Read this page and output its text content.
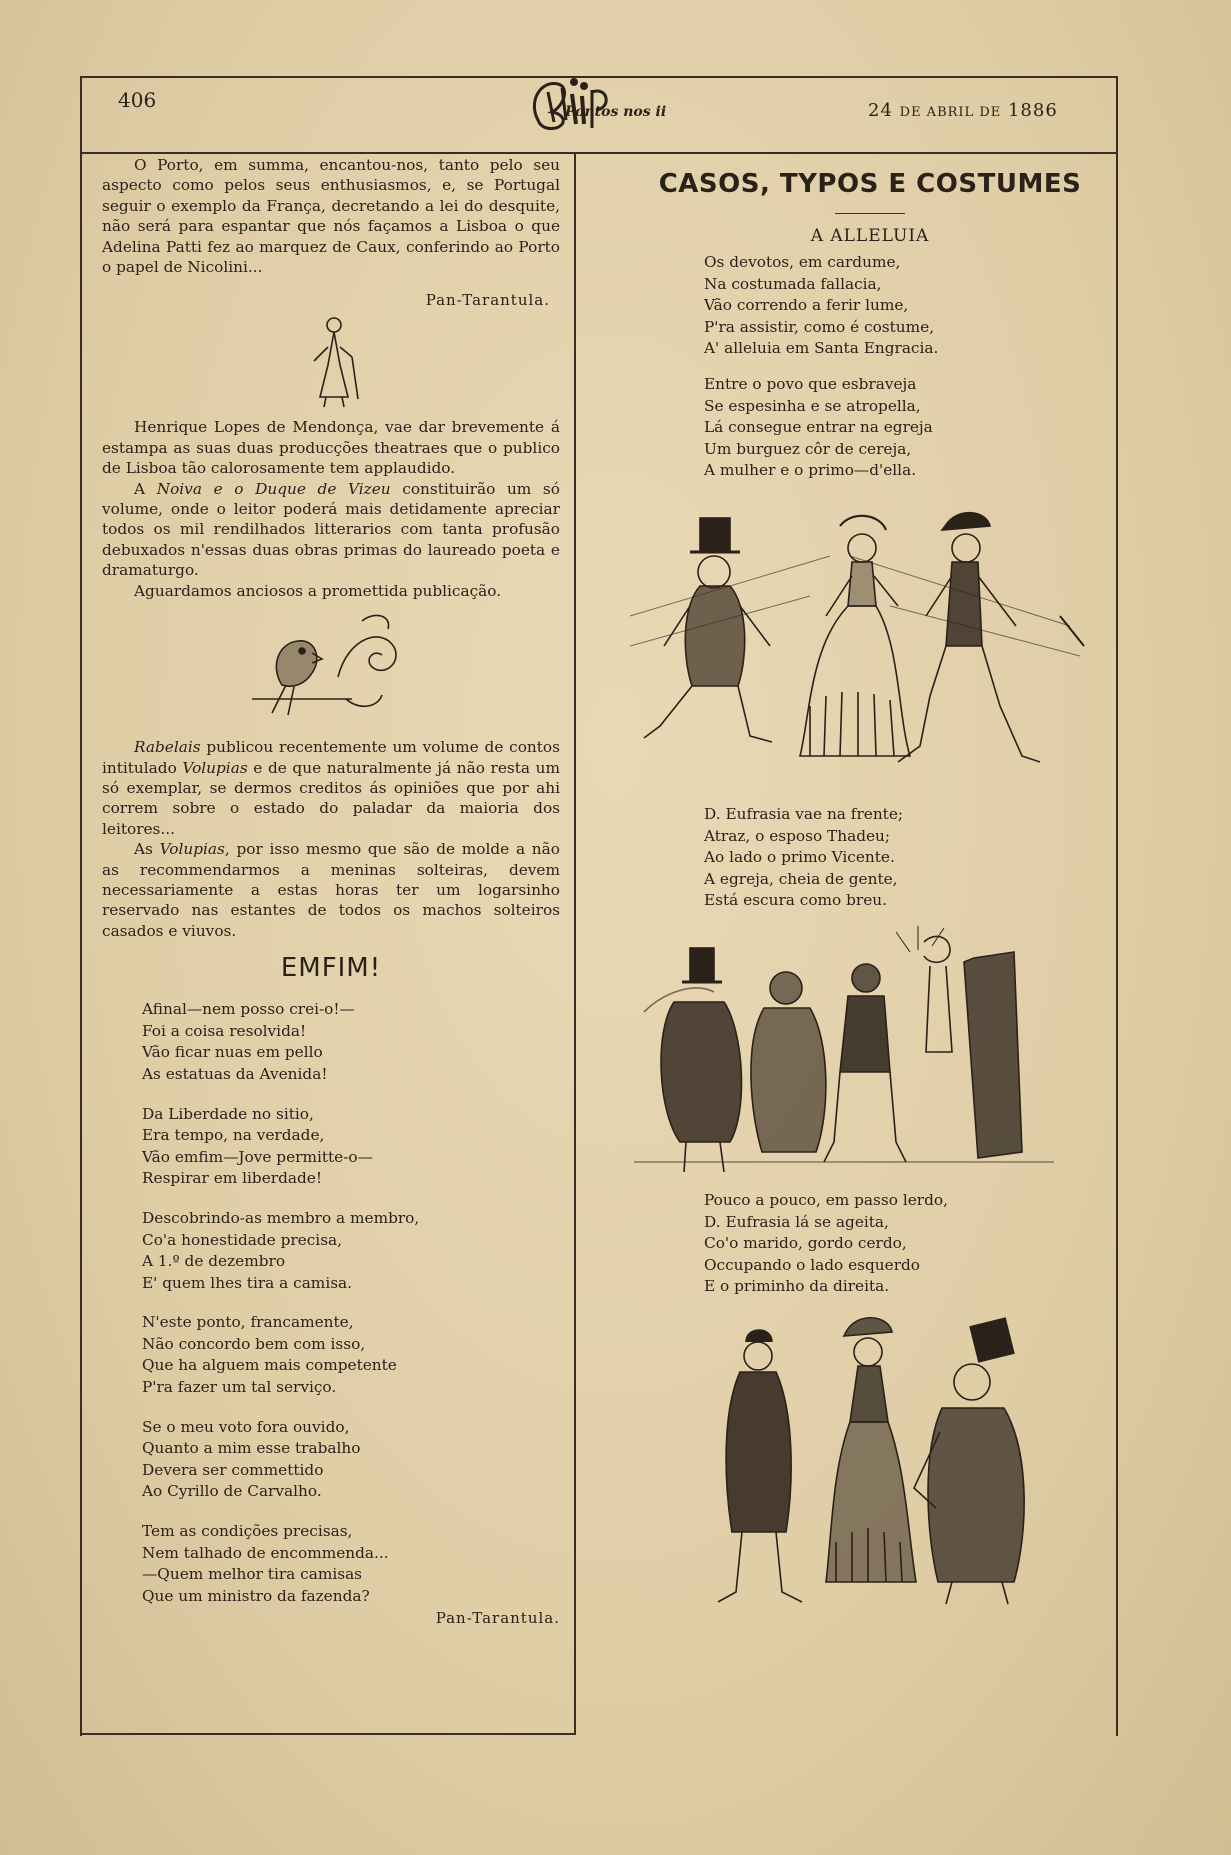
406	Pontos nos ii	24 DE ABRIL DE 1886

O Porto, em summa, encantou-nos, tanto pelo seu aspecto como pelos seus enthusiasmos, e, se Portugal seguir o exemplo da França, decretando a lei do desquite, não será para espantar que nós façamos a Lisboa o que Adelina Patti fez ao marquez de Caux, conferindo ao Porto o papel de Nicolini...

Pan-Tarantula.

Henrique Lopes de Mendonça, vae dar brevemente á estampa as suas duas producções theatraes que o publico de Lisboa tão calorosamente tem applaudido.

A Noiva e o Duque de Vizeu constituirão um só volume, onde o leitor poderá mais detidamente apreciar todos os mil rendilhados litterarios com tanta profusão debuxados n'essas duas obras primas do laureado poeta e dramaturgo.

Aguardamos anciosos a promettida publicação.

Rabelais publicou recentemente um volume de contos intitulado Volupias e de que naturalmente já não resta um só exemplar, se dermos creditos ás opiniões que por ahi correm sobre o estado do paladar da maioria dos leitores...

As Volupias, por isso mesmo que são de molde a não as recommendarmos a meninas solteiras, devem necessariamente a estas horas ter um logarsinho reservado nas estantes de todos os machos solteiros casados e viuvos.

EMFIM!

Afinal—nem posso crei-o!—

Foi a coisa resolvida!

Vão ficar nuas em pello

As estatuas da Avenida!

Da Liberdade no sitio,

Era tempo, na verdade,

Vão emfim—Jove permitte-o—

Respirar em liberdade!

Descobrindo-as membro a membro,

Co'a honestidade precisa,

A 1.º de dezembro

E' quem lhes tira a camisa.

N'este ponto, francamente,

Não concordo bem com isso,

Que ha alguem mais competente

P'ra fazer um tal serviço.

Se o meu voto fora ouvido,

Quanto a mim esse trabalho

Devera ser commettido

Ao Cyrillo de Carvalho.

Tem as condições precisas,

Nem talhado de encommenda...

—Quem melhor tira camisas

Que um ministro da fazenda?

Pan-Tarantula.

CASOS, TYPOS E COSTUMES

A ALLELUIA

Os devotos, em cardume,

Na costumada fallacia,

Vão correndo a ferir lume,

P'ra assistir, como é costume,

A' alleluia em Santa Engracia.

Entre o povo que esbraveja

Se espesinha e se atropella,

Lá consegue entrar na egreja

Um burguez côr de cereja,

A mulher e o primo—d'ella.

D. Eufrasia vae na frente;

Atraz, o esposo Thadeu;

Ao lado o primo Vicente.

A egreja, cheia de gente,

Está escura como breu.

Pouco a pouco, em passo lerdo,

D. Eufrasia lá se ageita,

Co'o marido, gordo cerdo,

Occupando o lado esquerdo

E o priminho da direita.
